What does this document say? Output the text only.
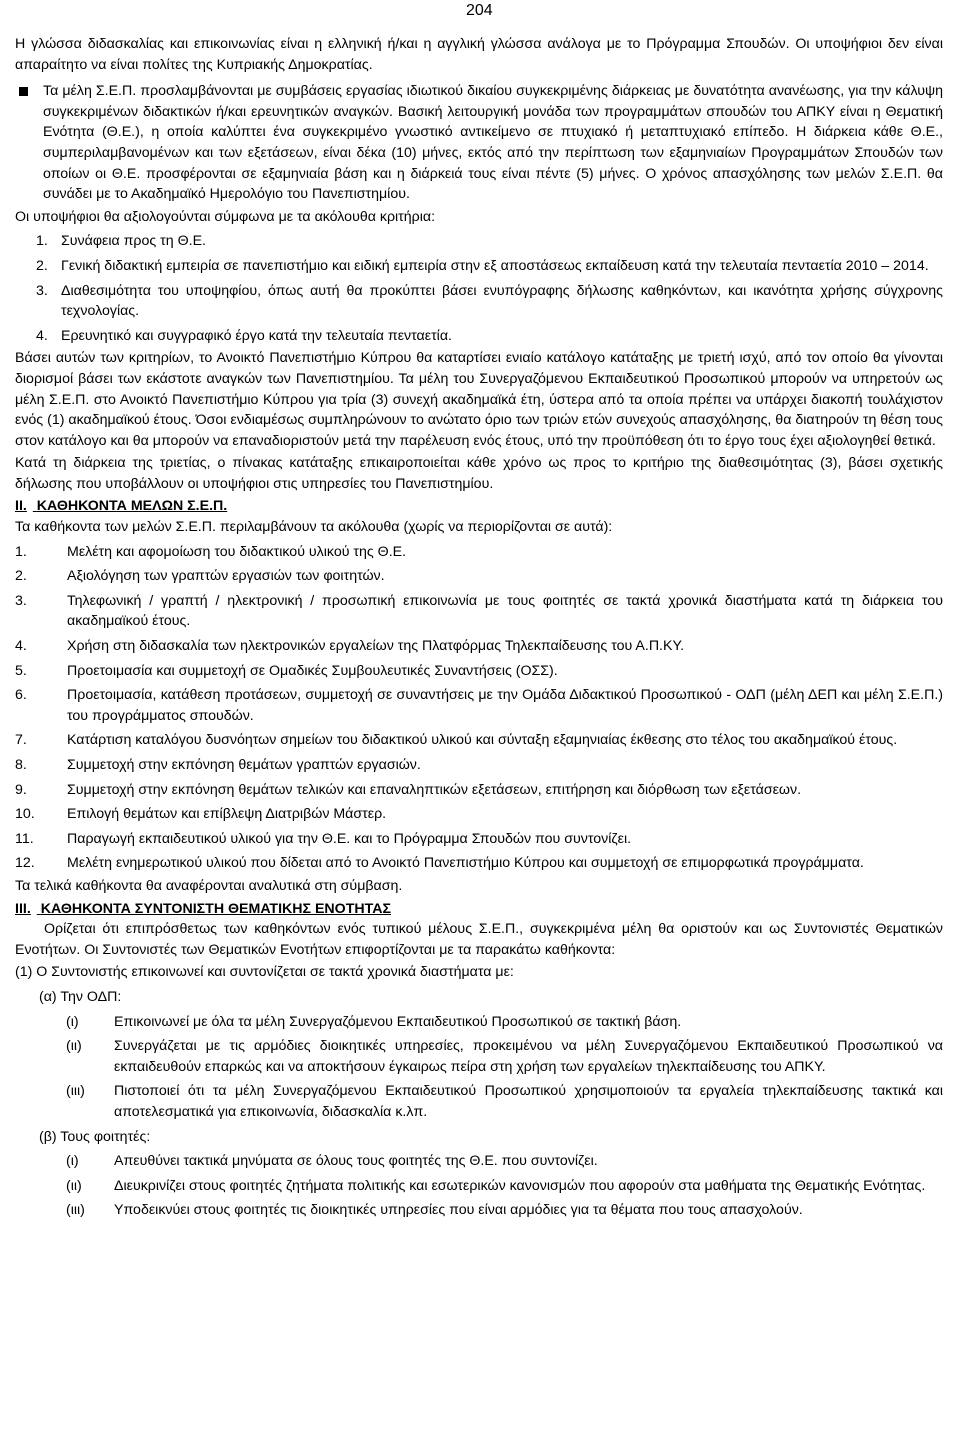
204

Η γλώσσα διδασκαλίας και επικοινωνίας είναι η ελληνική ή/και η αγγλική γλώσσα ανάλογα με το Πρόγραμμα Σπουδών. Οι υποψήφιοι δεν είναι απαραίτητο να είναι πολίτες της Κυπριακής Δημοκρατίας.

Τα μέλη Σ.Ε.Π. προσλαμβάνονται με συμβάσεις εργασίας ιδιωτικού δικαίου συγκεκριμένης διάρκειας με δυνατότητα ανανέωσης, για την κάλυψη συγκεκριμένων διδακτικών ή/και ερευνητικών αναγκών. Βασική λειτουργική μονάδα των προγραμμάτων σπουδών του ΑΠΚΥ είναι η Θεματική Ενότητα (Θ.Ε.), η οποία καλύπτει ένα συγκεκριμένο γνωστικό αντικείμενο σε πτυχιακό ή μεταπτυχιακό επίπεδο. Η διάρκεια κάθε Θ.Ε., συμπεριλαμβανομένων και των εξετάσεων, είναι δέκα (10) μήνες, εκτός από την περίπτωση των εξαμηνιαίων Προγραμμάτων Σπουδών των οποίων οι Θ.Ε. προσφέρονται σε εξαμηνιαία βάση και η διάρκειά τους είναι πέντε (5) μήνες. Ο χρόνος απασχόλησης των μελών Σ.Ε.Π. θα συνάδει με το Ακαδημαϊκό Ημερολόγιο του Πανεπιστημίου.

Οι υποψήφιοι θα αξιολογούνται σύμφωνα με τα ακόλουθα κριτήρια:

1. Συνάφεια προς τη Θ.Ε.
2. Γενική διδακτική εμπειρία σε πανεπιστήμιο και ειδική εμπειρία στην εξ αποστάσεως εκπαίδευση κατά την τελευταία πενταετία 2010 – 2014.
3. Διαθεσιμότητα του υποψηφίου, όπως αυτή θα προκύπτει βάσει ενυπόγραφης δήλωσης καθηκόντων, και ικανότητα χρήσης σύγχρονης τεχνολογίας.
4. Ερευνητικό και συγγραφικό έργο κατά την τελευταία πενταετία.

Βάσει αυτών των κριτηρίων, το Ανοικτό Πανεπιστήμιο Κύπρου θα καταρτίσει ενιαίο κατάλογο κατάταξης με τριετή ισχύ, από τον οποίο θα γίνονται διορισμοί βάσει των εκάστοτε αναγκών των Πανεπιστημίου. Τα μέλη του Συνεργαζόμενου Εκπαιδευτικού Προσωπικού μπορούν να υπηρετούν ως μέλη Σ.Ε.Π. στο Ανοικτό Πανεπιστήμιο Κύπρου για τρία (3) συνεχή ακαδημαϊκά έτη, ύστερα από τα οποία πρέπει να υπάρχει διακοπή τουλάχιστον ενός (1) ακαδημαϊκού έτους. Όσοι ενδιαμέσως συμπληρώνουν το ανώτατο όριο των τριών ετών συνεχούς απασχόλησης, θα διατηρούν τη θέση τους στον κατάλογο και θα μπορούν να επαναδιοριστούν μετά την παρέλευση ενός έτους, υπό την προϋπόθεση ότι το έργο τους έχει αξιολογηθεί θετικά.

Κατά τη διάρκεια της τριετίας, ο πίνακας κατάταξης επικαιροποιείται κάθε χρόνο ως προς το κριτήριο της διαθεσιμότητας (3), βάσει σχετικής δήλωσης που υποβάλλουν οι υποψήφιοι στις υπηρεσίες του Πανεπιστημίου.

ΙΙ. ΚΑΘΗΚΟΝΤΑ ΜΕΛΩΝ Σ.Ε.Π.

Τα καθήκοντα των μελών Σ.Ε.Π. περιλαμβάνουν τα ακόλουθα (χωρίς να περιορίζονται σε αυτά):

1.	Μελέτη και αφομοίωση του διδακτικού υλικού της Θ.Ε.
2.	Αξιολόγηση των γραπτών εργασιών των φοιτητών.
3.	Τηλεφωνική / γραπτή / ηλεκτρονική / προσωπική επικοινωνία με τους φοιτητές σε τακτά χρονικά διαστήματα κατά τη διάρκεια του ακαδημαϊκού έτους.
4.	Χρήση στη διδασκαλία των ηλεκτρονικών εργαλείων της Πλατφόρμας Τηλεκπαίδευσης του Α.Π.ΚΥ.
5.	Προετοιμασία και συμμετοχή σε Ομαδικές Συμβουλευτικές Συναντήσεις (ΟΣΣ).
6.	Προετοιμασία, κατάθεση προτάσεων, συμμετοχή σε συναντήσεις με την Ομάδα Διδακτικού Προσωπικού - ΟΔΠ (μέλη ΔΕΠ και μέλη Σ.Ε.Π.) του προγράμματος σπουδών.
7.	Κατάρτιση καταλόγου δυσνόητων σημείων του διδακτικού υλικού και σύνταξη εξαμηνιαίας έκθεσης στο τέλος του ακαδημαϊκού έτους.
8.	Συμμετοχή στην εκπόνηση θεμάτων γραπτών εργασιών.
9.	Συμμετοχή στην εκπόνηση θεμάτων τελικών και επαναληπτικών εξετάσεων, επιτήρηση και διόρθωση των εξετάσεων.
10.	Επιλογή θεμάτων και επίβλεψη Διατριβών Μάστερ.
11.	Παραγωγή εκπαιδευτικού υλικού για την Θ.Ε. και το Πρόγραμμα Σπουδών που συντονίζει.
12.	Μελέτη ενημερωτικού υλικού που δίδεται από το Ανοικτό Πανεπιστήμιο Κύπρου και συμμετοχή σε επιμορφωτικά προγράμματα.

Τα τελικά καθήκοντα θα αναφέρονται αναλυτικά στη σύμβαση.

ΙΙΙ. ΚΑΘΗΚΟΝΤΑ ΣΥΝΤΟΝΙΣΤΗ ΘΕΜΑΤΙΚΗΣ ΕΝΟΤΗΤΑΣ

Ορίζεται ότι επιπρόσθετως των καθηκόντων ενός τυπικού μέλους Σ.Ε.Π., συγκεκριμένα μέλη θα οριστούν και ως Συντονιστές Θεματικών Ενοτήτων. Οι Συντονιστές των Θεματικών Ενοτήτων επιφορτίζονται με τα παρακάτω καθήκοντα:

(1) Ο Συντονιστής επικοινωνεί και συντονίζεται σε τακτά χρονικά διαστήματα με:

(α) Την ΟΔΠ:
(ι)	Επικοινωνεί με όλα τα μέλη Συνεργαζόμενου Εκπαιδευτικού Προσωπικού σε τακτική βάση.
(ιι)	Συνεργάζεται με τις αρμόδιες διοικητικές υπηρεσίες, προκειμένου να μέλη Συνεργαζόμενου Εκπαιδευτικού Προσωπικού να εκπαιδευθούν επαρκώς και να αποκτήσουν έγκαιρως πείρα στη χρήση των εργαλείων τηλεκπαίδευσης του ΑΠΚΥ.
(ιιι)	Πιστοποιεί ότι τα μέλη Συνεργαζόμενου Εκπαιδευτικού Προσωπικού χρησιμοποιούν τα εργαλεία τηλεκπαίδευσης τακτικά και αποτελεσματικά για επικοινωνία, διδασκαλία κ.λπ.
(β) Τους φοιτητές:
(ι)	Απευθύνει τακτικά μηνύματα σε όλους τους φοιτητές της Θ.Ε. που συντονίζει.
(ιι)	Διευκρινίζει στους φοιτητές ζητήματα πολιτικής και εσωτερικών κανονισμών που αφορούν στα μαθήματα της Θεματικής Ενότητας.
(ιιι)	Υποδεικνύει στους φοιτητές τις διοικητικές υπηρεσίες που είναι αρμόδιες για τα θέματα που τους απασχολούν.
